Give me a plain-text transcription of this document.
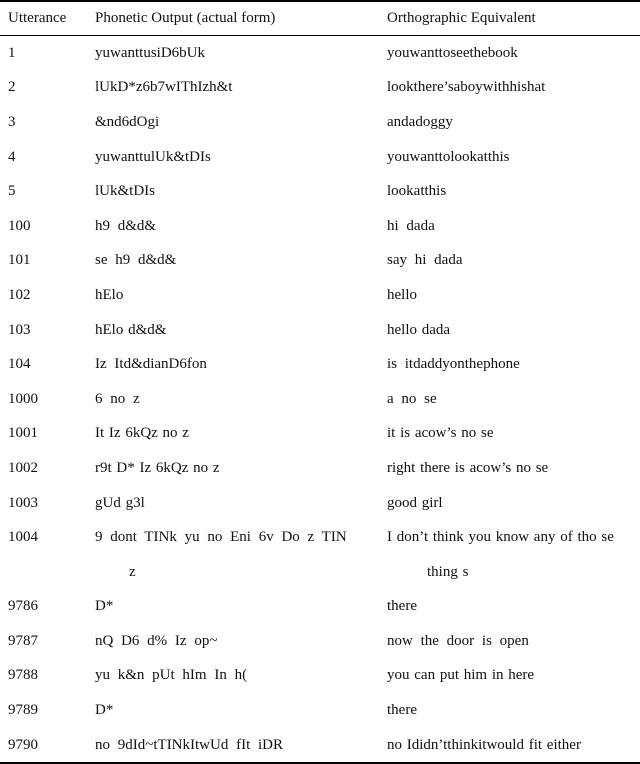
Utterance	Phonetic Output (actual form)	Orthographic Equivalent
1	yuwanttusiD6bUk	youwanttoseethebook
2	lUkD*z6b7wIThIzh&t	lookthere’saboywithhishat
3	&nd6dOgi	andadoggy
4	yuwanttulUk&tDIs	youwanttolookatthis
5	lUk&tDIs	lookatthis
100	h9 d&d&	hi dada
101	se h9 d&d&	say hi dada
102	hElo	hello
103	hElo d&d&	hello dada
104	Iz Itd&dianD6fon	is itdaddyonthephone
1000	6 no z	a no se
1001	It Iz 6kQz no z	it is acow’s no se
1002	r9t D* Iz 6kQz no z	right there is acow’s no se
1003	gUd g3l	good girl
1004	9 dont TINk yu no Eni 6v Do z TIN	I don’t think you know any of tho se
	z	thing s
9786	D*	there
9787	nQ D6 d% Iz op~	now the door is open
9788	yu k&n pUt hIm In h(	you can put him in here
9789	D*	there
9790	no 9dId~tTINkItwUd fIt iDR	no Ididn’tthinkitwould fit either
